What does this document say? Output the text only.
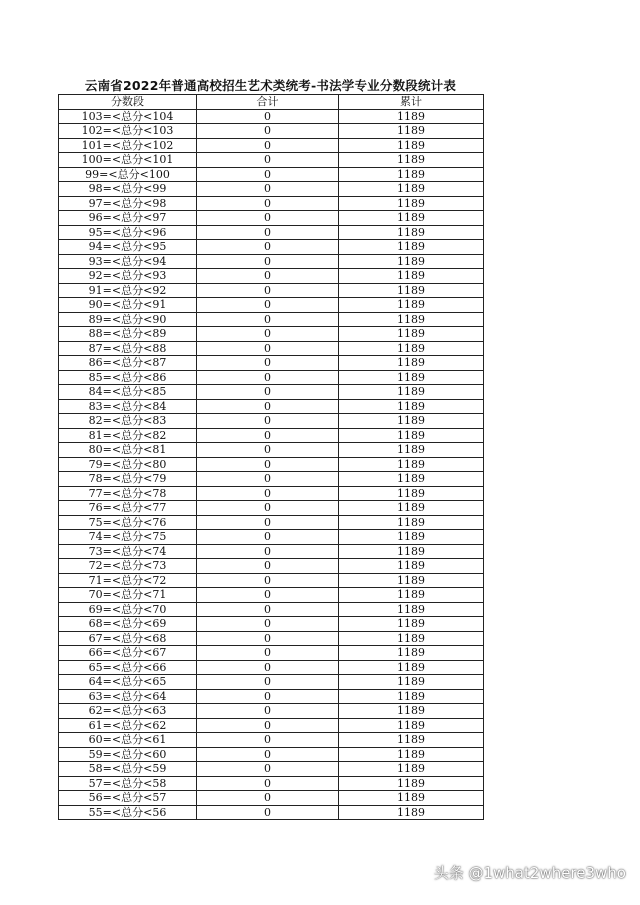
云南省2022年普通高校招生艺术类统考-书法学专业分数段统计表
分数段	合计	累计
103=<总分<104	0	1189
102=<总分<103	0	1189
101=<总分<102	0	1189
100=<总分<101	0	1189
99=<总分<100	0	1189
98=<总分<99	0	1189
97=<总分<98	0	1189
96=<总分<97	0	1189
95=<总分<96	0	1189
94=<总分<95	0	1189
93=<总分<94	0	1189
92=<总分<93	0	1189
91=<总分<92	0	1189
90=<总分<91	0	1189
89=<总分<90	0	1189
88=<总分<89	0	1189
87=<总分<88	0	1189
86=<总分<87	0	1189
85=<总分<86	0	1189
84=<总分<85	0	1189
83=<总分<84	0	1189
82=<总分<83	0	1189
81=<总分<82	0	1189
80=<总分<81	0	1189
79=<总分<80	0	1189
78=<总分<79	0	1189
77=<总分<78	0	1189
76=<总分<77	0	1189
75=<总分<76	0	1189
74=<总分<75	0	1189
73=<总分<74	0	1189
72=<总分<73	0	1189
71=<总分<72	0	1189
70=<总分<71	0	1189
69=<总分<70	0	1189
68=<总分<69	0	1189
67=<总分<68	0	1189
66=<总分<67	0	1189
65=<总分<66	0	1189
64=<总分<65	0	1189
63=<总分<64	0	1189
62=<总分<63	0	1189
61=<总分<62	0	1189
60=<总分<61	0	1189
59=<总分<60	0	1189
58=<总分<59	0	1189
57=<总分<58	0	1189
56=<总分<57	0	1189
55=<总分<56	0	1189
头条 @1what2where3who
